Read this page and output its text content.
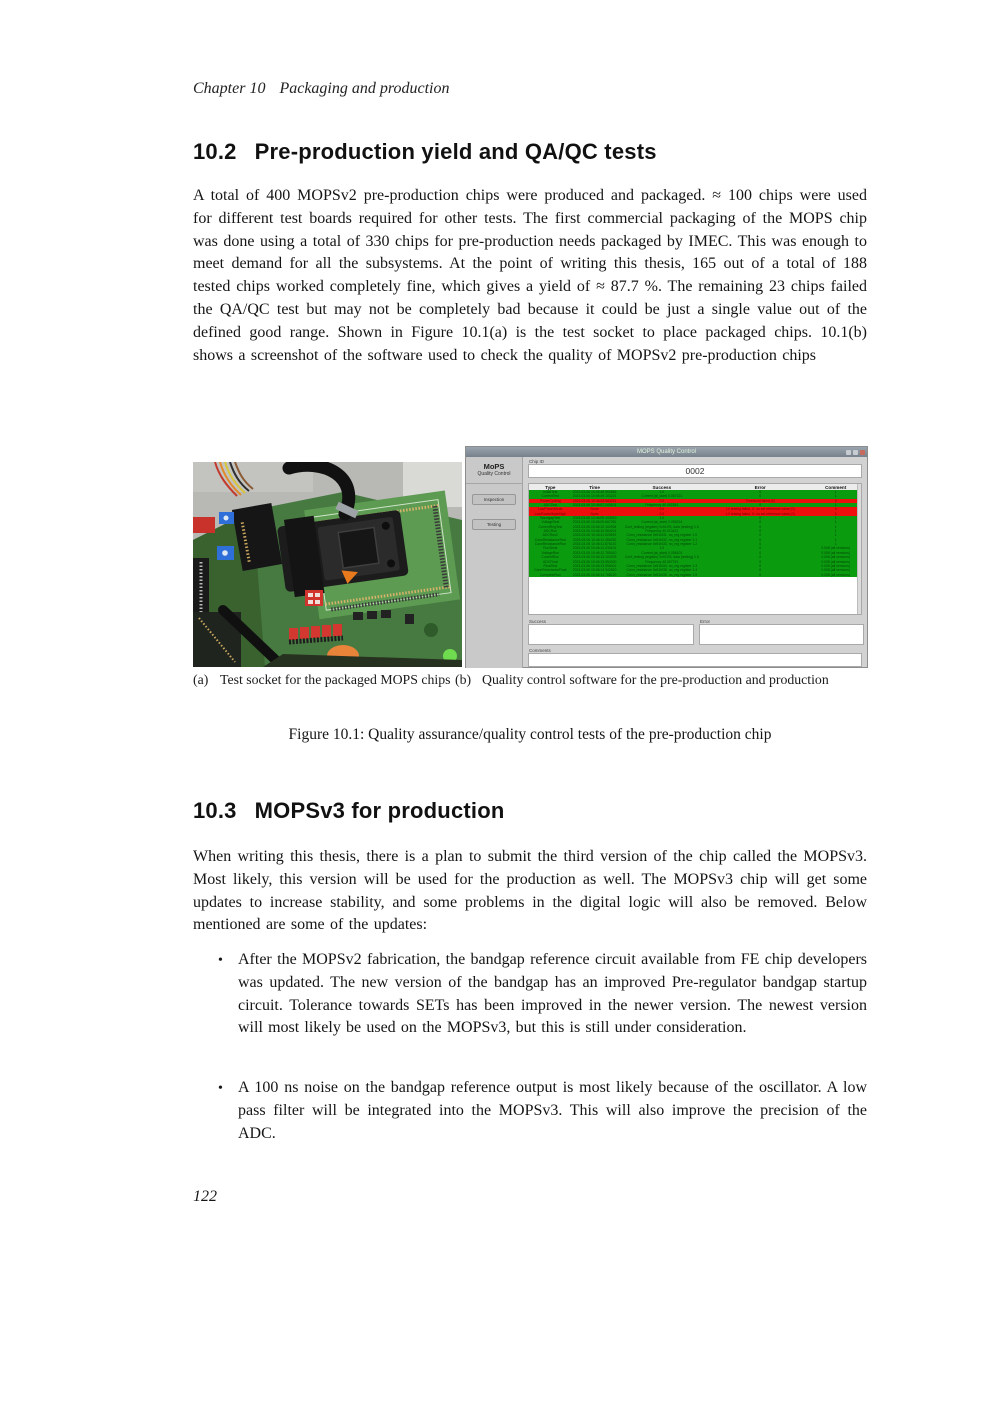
Chapter 10 Packaging and production
10.2 Pre-production yield and QA/QC tests
A total of 400 MOPSv2 pre-production chips were produced and packaged. ≈ 100 chips were used for different test boards required for other tests. The first commercial packaging of the MOPS chip was done using a total of 330 chips for pre-production needs packaged by IMEC. This was enough to meet demand for all the subsystems. At the point of writing this thesis, 165 out of a total of 188 tested chips worked completely fine, which gives a yield of ≈ 87.7 %. The remaining 23 chips failed the QA/QC test but may not be completely bad because it could be just a single value out of the defined good range. Shown in Figure 10.1(a) is the test socket to place packaged chips. 10.1(b) shows a screenshot of the software used to check the quality of MOPSv2 pre-production chips
MOPS Quality Control
MoPS
Quality Control
Inspection
Testing
Chip ID
0002
Type	Time	Success	Error	Comment
InitialTest	2023-03-06 10:45:48.560846	1.0	0	1
CurrentTest	2023-03-06 10:45:49.103221	Current (at_start) 0.057121	0	1
PowerCycling	2023-03-06 10:46:03.563211	0.0	Threshold failed (0)	0
ADCTest	2023-03-06 10:46:07.243101	Frequency 40.002341	0	1
LowPowerMode	None	0.0	I-V testing failed, X: no set reference value (0)	0
LowPowerModeHigh	None	0.0	I-V testing failed, X: no set reference value (0)	0
BandgapTest	2023-03-06 10:46:09.443010	1.0	0	1
VoltageTest	2023-03-06 10:46:09.667281	Current (at_start) 0.056214	0	1
CurrentRegTest	2023-03-06 10:46:10.102934	Conf_testing (register) 0x91f78, data (testing) 1.0	0	1
ADCRun	2023-03-06 10:46:10.564201	Frequency 40.013421	0	1
ADCRun2	2023-03-06 10:46:11.023819	Conn_resistance 0x91f431, no_reg register 1.0	0	1
ConnResistanceTest	2023-03-06 10:46:11.456230	Conn_resistance 0x91f432, no_reg register 1.1	0	1
ConnResistanceRun	2023-03-06 10:46:11.876120	Conn_resistance 0x91f433, no_reg register 1.2	0	1
RunTests	2023-03-06 10:46:12.234101	1.0	0	0.008 (all versions)
VoltageRun	2023-03-06 10:46:12.785410	Current (at_start) 0.056101	0	0.008 (all versions)
CurrentRun	2023-03-06 10:46:13.104293	Conf_testing (register) 0x91f78, data (testing) 1.0	0	0.008 (all versions)
ADCFinal	2023-03-06 10:46:13.554320	Frequency 40.007741	0	0.008 (all versions)
FinalTest	2023-03-06 10:46:13.998401	Conn_resistance 0x91f434, no_reg register 1.3	0	0.008 (all versions)
ConnResistanceFinal	2023-03-06 10:46:14.342810	Conn_resistance 0x91f435, no_reg register 1.4	0	0.008 (all versions)
CompleteRun	2023-03-06 10:46:14.768120	Conn_resistance 0x91f436, no_reg register 1.5	0	0.008 (all versions)
Success	Error
Comments
(a) Test socket for the packaged MOPS chips (b) Quality control software for the pre-production and production
Figure 10.1: Quality assurance/quality control tests of the pre-production chip
10.3 MOPSv3 for production
When writing this thesis, there is a plan to submit the third version of the chip called the MOPSv3. Most likely, this version will be used for the production as well. The MOPSv3 chip will get some updates to increase stability, and some problems in the digital logic will also be removed. Below mentioned are some of the updates:
• After the MOPSv2 fabrication, the bandgap reference circuit available from FE chip developers was updated. The new version of the bandgap has an improved Pre-regulator bandgap startup circuit. Tolerance towards SETs has been improved in the newer version. The newest version will most likely be used on the MOPSv3, but this is still under consideration.
• A 100 ns noise on the bandgap reference output is most likely because of the oscillator. A low pass filter will be integrated into the MOPSv3. This will also improve the precision of the ADC.
122
